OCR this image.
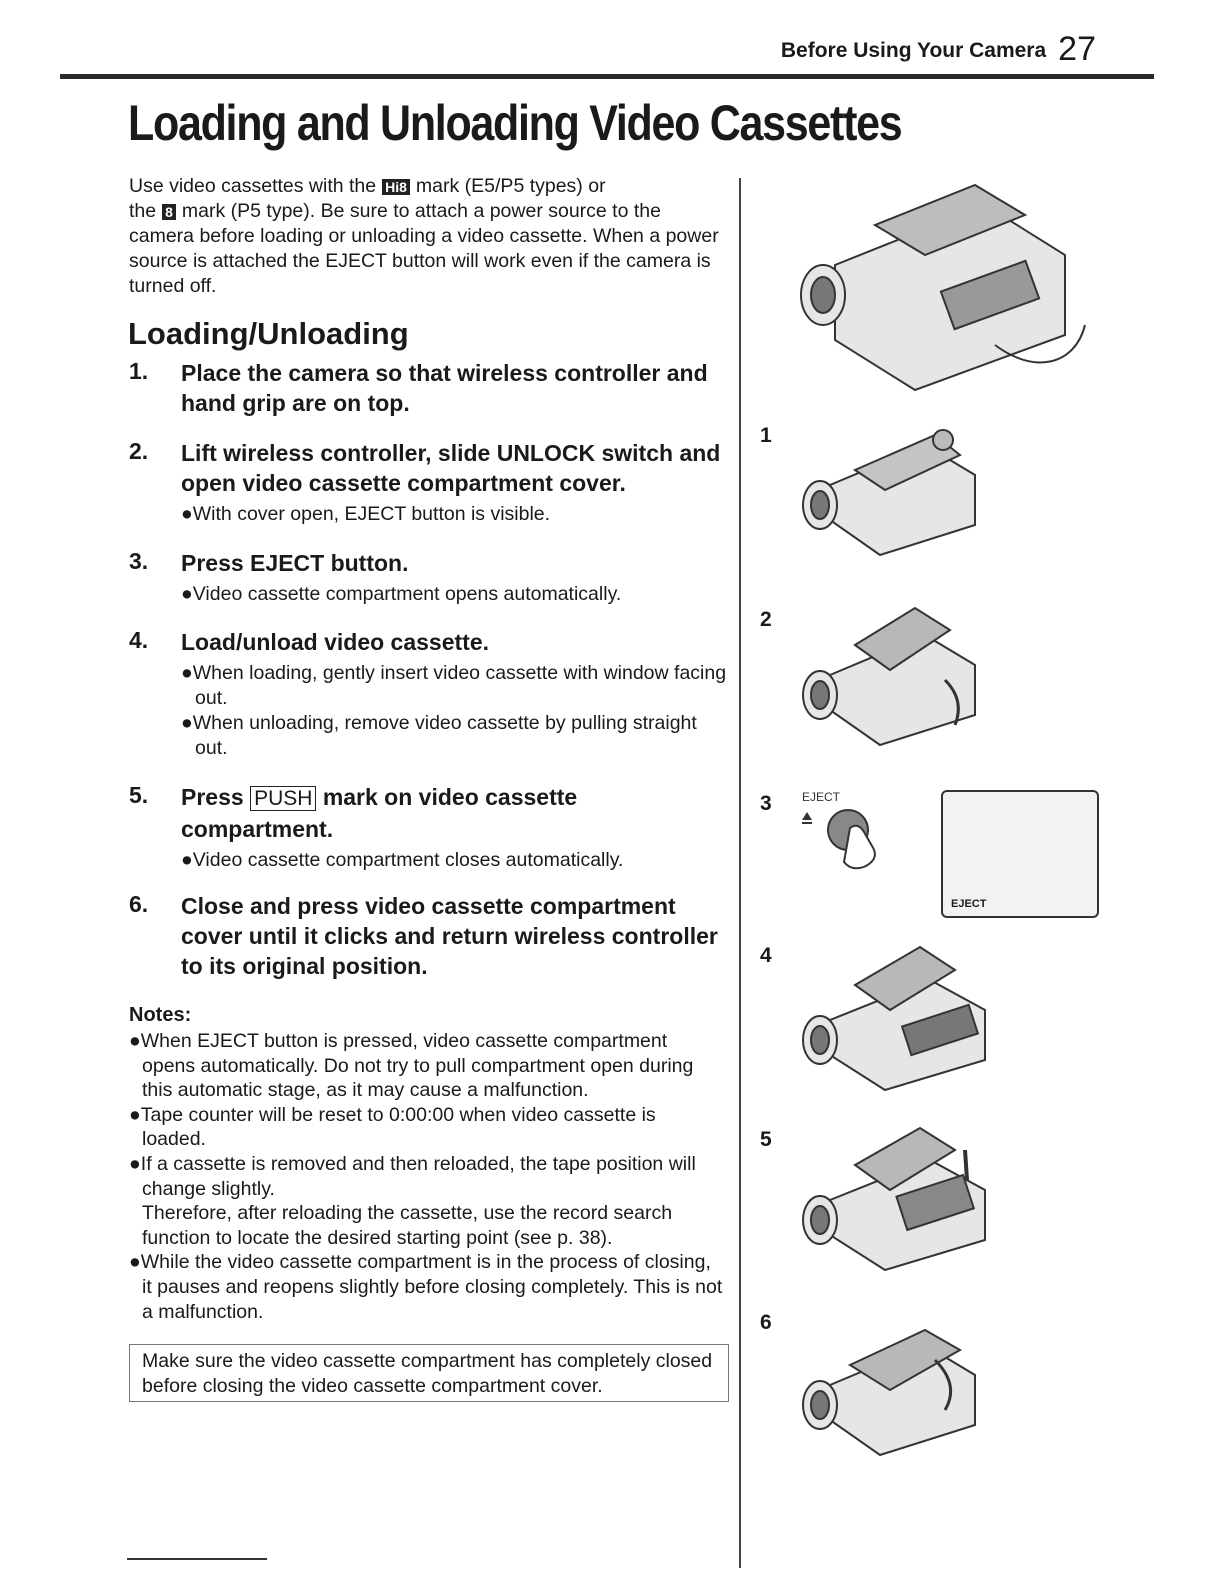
Before Using Your Camera 27
Loading and Unloading Video Cassettes
Use video cassettes with the Hi8 mark (E5/P5 types) or
the 8 mark (P5 type). Be sure to attach a power source to the camera before loading or unloading a video cassette. When a power source is attached the EJECT button will work even if the camera is turned off.
Loading/Unloading
1. Place the camera so that wireless controller and hand grip are on top.
2. Lift wireless controller, slide UNLOCK switch and open video cassette compartment cover.
●With cover open, EJECT button is visible.
3. Press EJECT button.
●Video cassette compartment opens automatically.
4. Load/unload video cassette.
●When loading, gently insert video cassette with window facing out.
●When unloading, remove video cassette by pulling straight out.
5. Press PUSH mark on video cassette compartment.
●Video cassette compartment closes automatically.
6. Close and press video cassette compartment cover until it clicks and return wireless controller to its original position.
Notes:
●When EJECT button is pressed, video cassette compartment opens automatically. Do not try to pull compartment open during this automatic stage, as it may cause a malfunction.
●Tape counter will be reset to 0:00:00 when video cassette is loaded.
●If a cassette is removed and then reloaded, the tape position will change slightly.
Therefore, after reloading the cassette, use the record search function to locate the desired starting point (see p. 38).
●While the video cassette compartment is in the process of closing, it pauses and reopens slightly before closing completely. This is not a malfunction.
Make sure the video cassette compartment has completely closed before closing the video cassette compartment cover.
1
2
3
4
5
6
EJECT
EJECT
